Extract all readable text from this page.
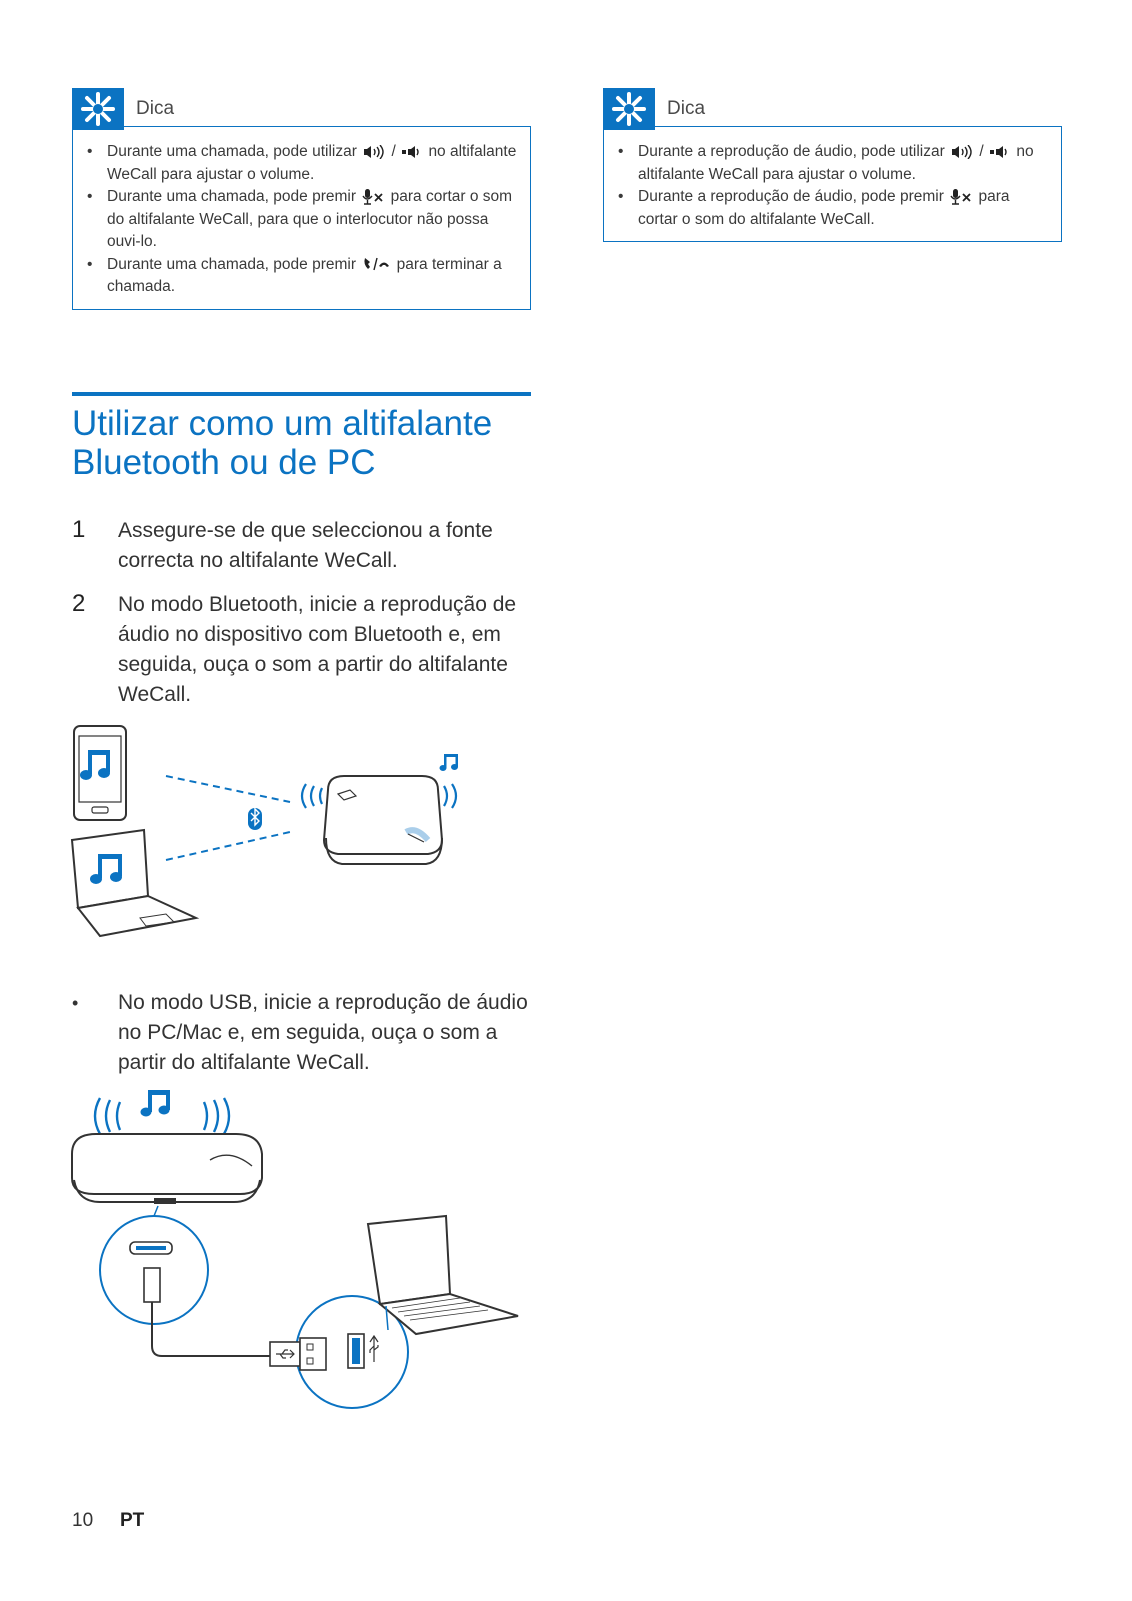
Dica
• Durante uma chamada, pode utilizar / no altifalante WeCall para ajustar o volume.
• Durante uma chamada, pode premir para cortar o som do altifalante WeCall, para que o interlocutor não possa ouvi-lo.
• Durante uma chamada, pode premir	para terminar a chamada.
Dica
• Durante a reprodução de áudio, pode utilizar / no altifalante WeCall para ajustar o volume.
• Durante a reprodução de áudio, pode premir para cortar o som do altifalante WeCall.
Utilizar como um altifalante Bluetooth ou de PC
1 Assegure-se de que seleccionou a fonte correcta no altifalante WeCall.
2 No modo Bluetooth, inicie a reprodução de áudio no dispositivo com Bluetooth e, em seguida, ouça o som a partir do altifalante WeCall.
• No modo USB, inicie a reprodução de áudio no PC/Mac e, em seguida, ouça o som a partir do altifalante WeCall.
10 PT
